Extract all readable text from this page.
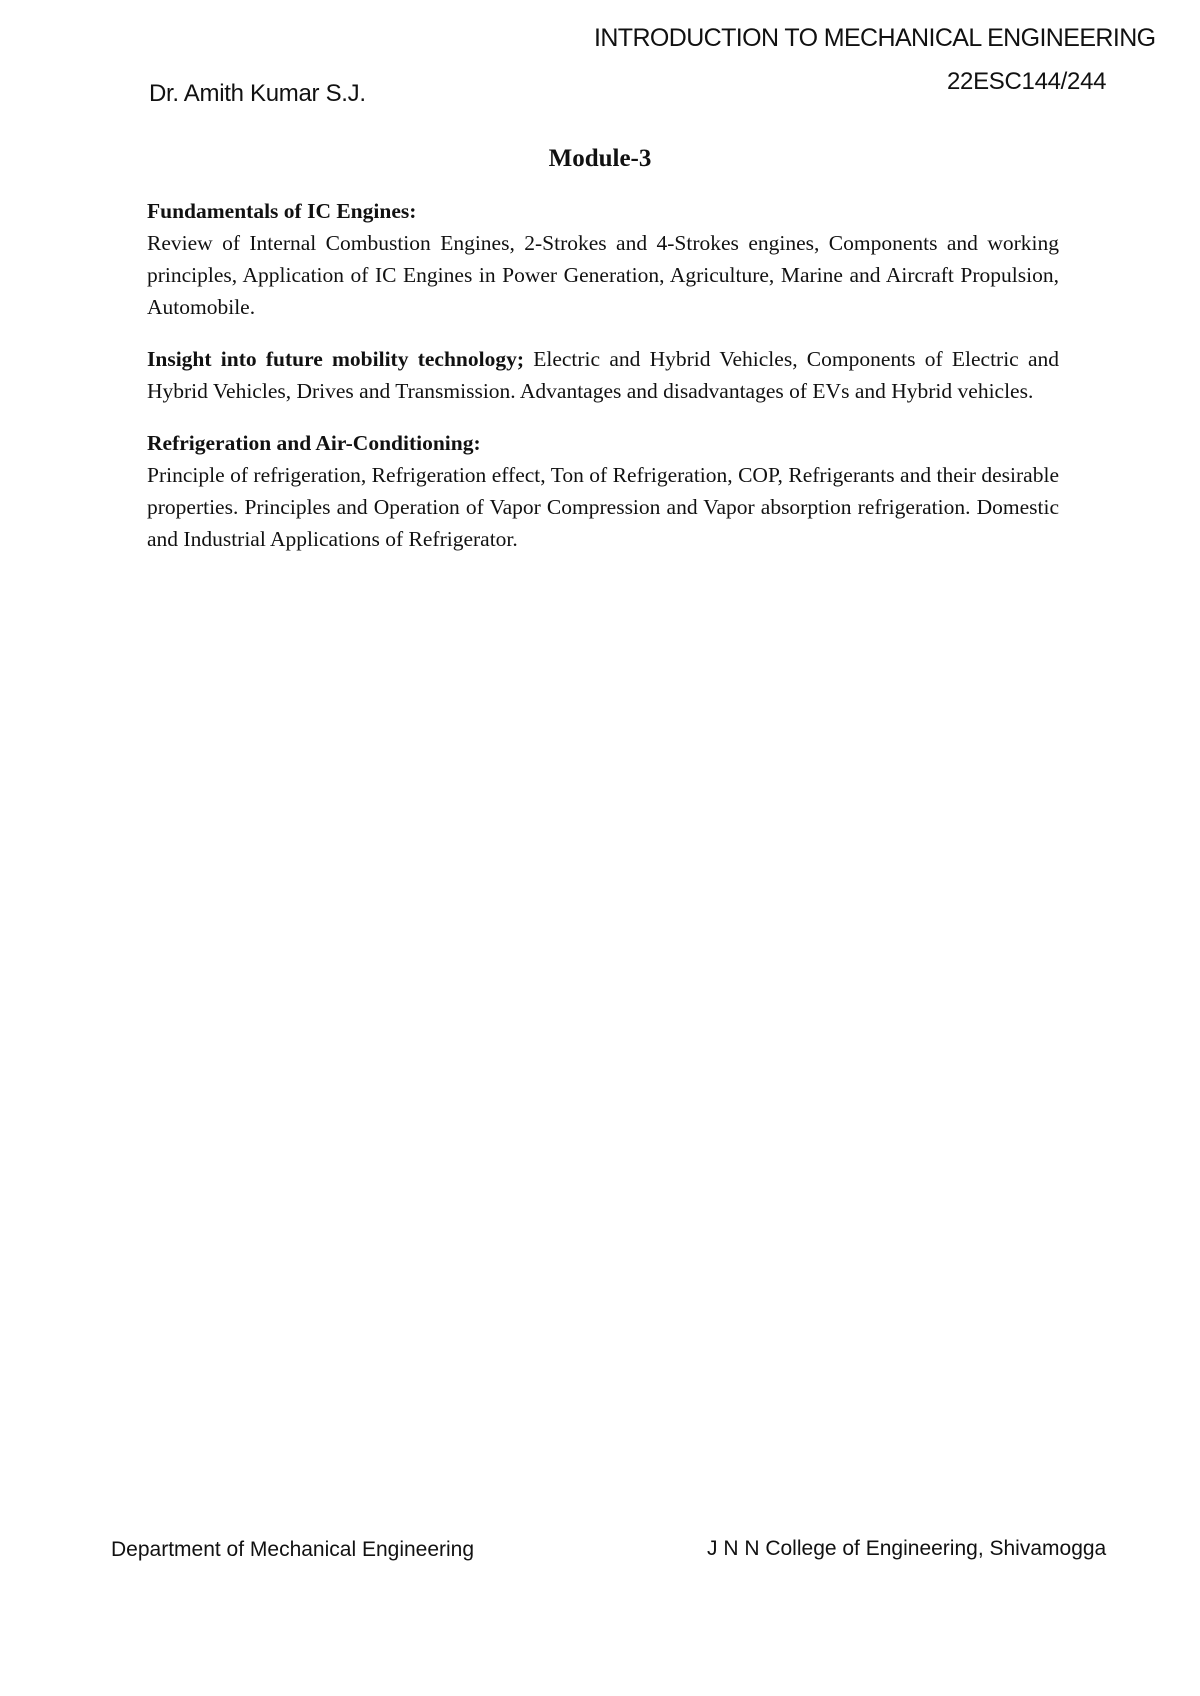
INTRODUCTION TO MECHANICAL ENGINEERING
Dr. Amith Kumar S.J.	22ESC144/244
Module-3

Fundamentals of IC Engines:
Review of Internal Combustion Engines, 2-Strokes and 4-Strokes engines, Components and working principles, Application of IC Engines in Power Generation, Agriculture, Marine and Aircraft Propulsion, Automobile.

Insight into future mobility technology; Electric and Hybrid Vehicles, Components of Electric and Hybrid Vehicles, Drives and Transmission. Advantages and disadvantages of EVs and Hybrid vehicles.

Refrigeration and Air-Conditioning:
Principle of refrigeration, Refrigeration effect, Ton of Refrigeration, COP, Refrigerants and their desirable properties. Principles and Operation of Vapor Compression and Vapor absorption refrigeration. Domestic and Industrial Applications of Refrigerator.

Department of Mechanical Engineering	J N N College of Engineering, Shivamogga
